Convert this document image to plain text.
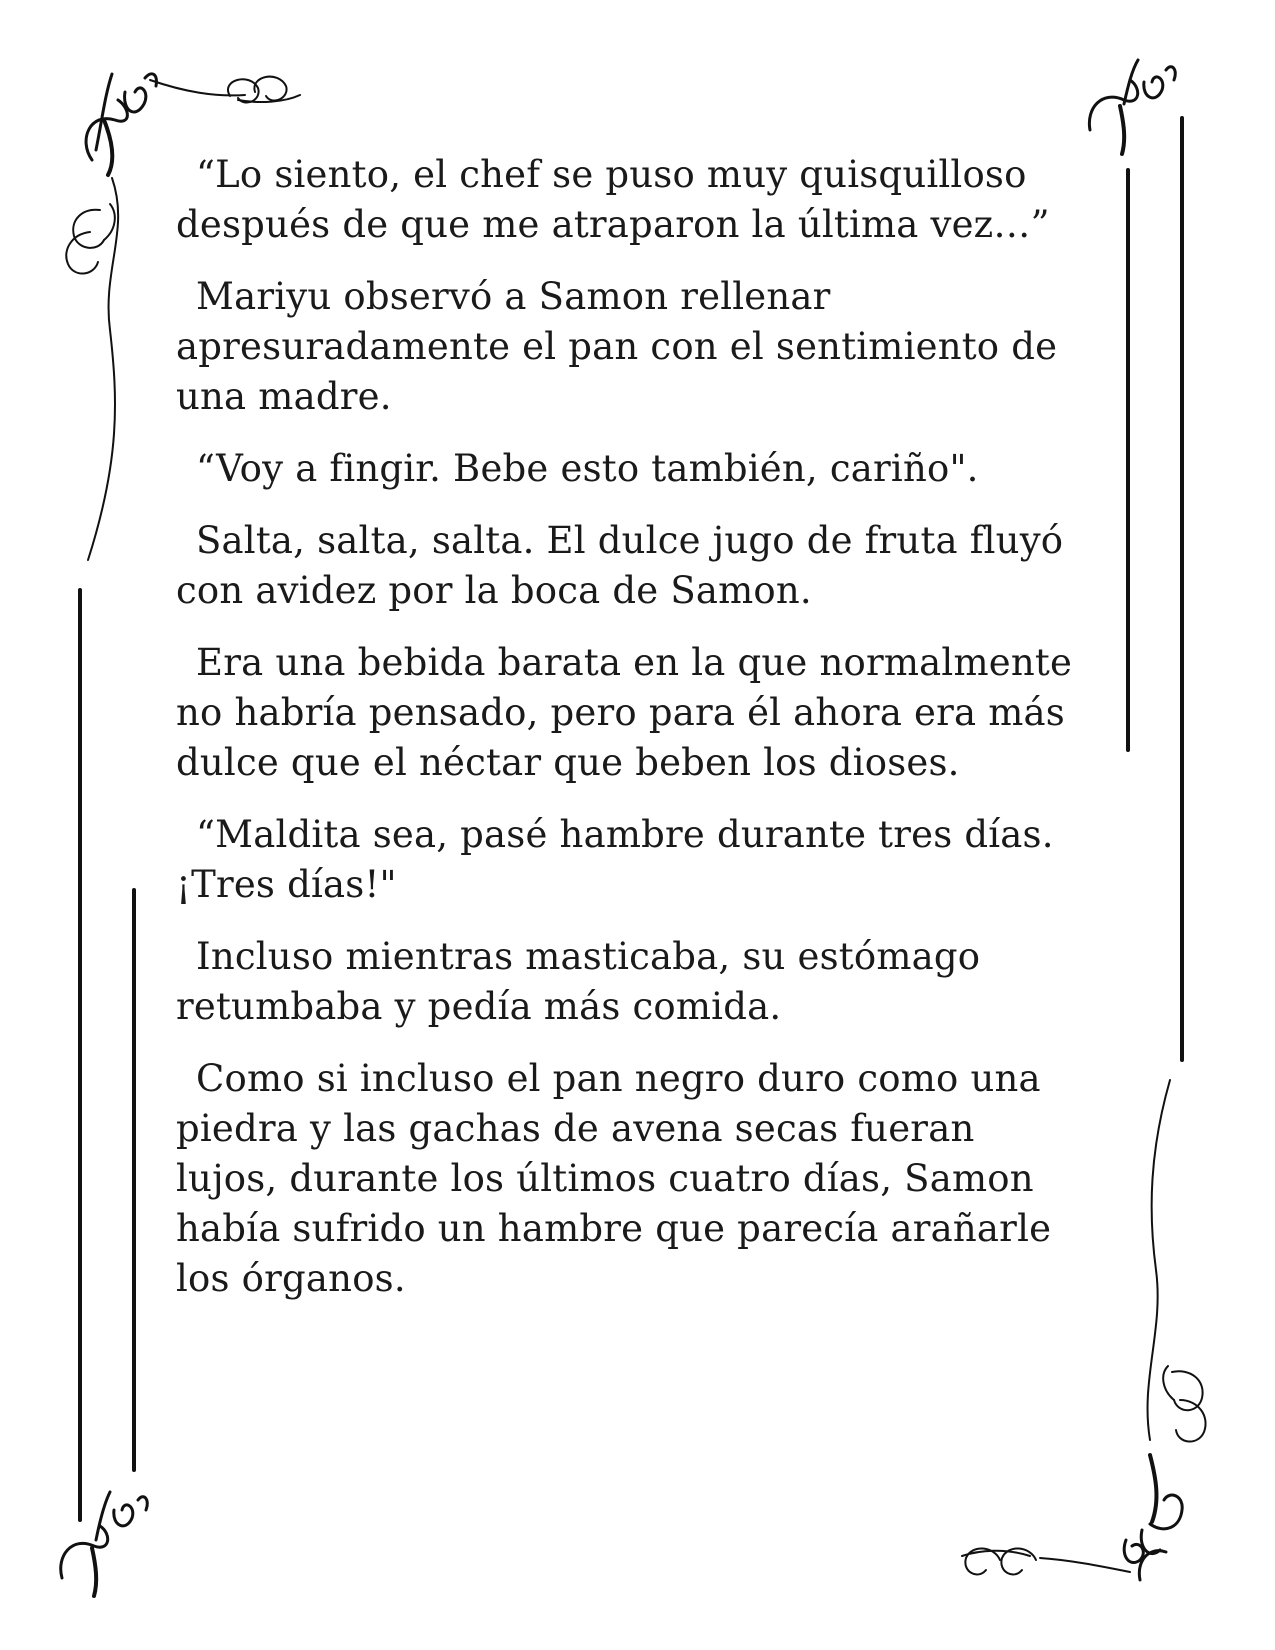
“Lo siento, el chef se puso muy quisquilloso después de que me atraparon la última vez…”

Mariyu observó a Samon rellenar apresuradamente el pan con el sentimiento de una madre.

“Voy a fingir. Bebe esto también, cariño".

Salta, salta, salta. El dulce jugo de fruta fluyó con avidez por la boca de Samon.

Era una bebida barata en la que normalmente no habría pensado, pero para él ahora era más dulce que el néctar que beben los dioses.

“Maldita sea, pasé hambre durante tres días. ¡Tres días!"

Incluso mientras masticaba, su estómago retumbaba y pedía más comida.

Como si incluso el pan negro duro como una piedra y las gachas de avena secas fueran lujos, durante los últimos cuatro días, Samon había sufrido un hambre que parecía arañarle los órganos.
